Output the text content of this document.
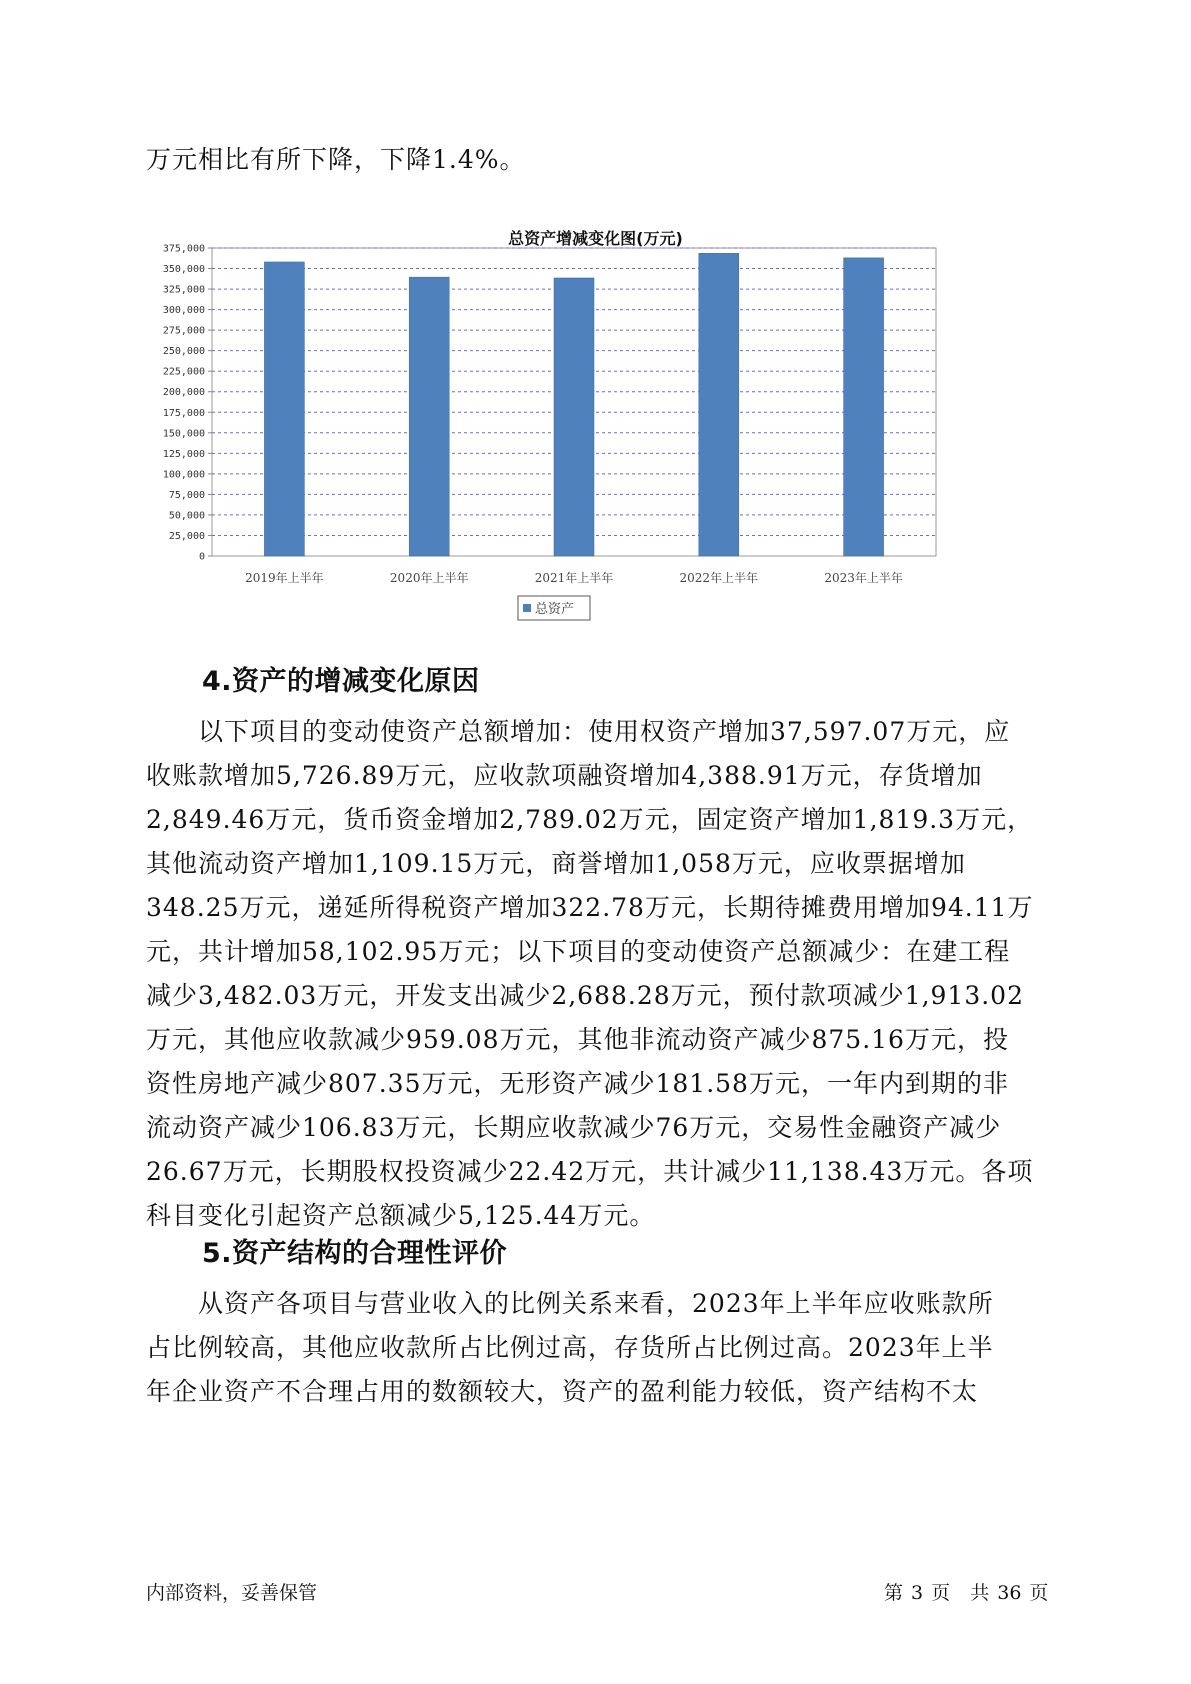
万元相比有所下降，下降1.4%。
0
25,000
50,000
75,000
100,000
125,000
150,000
175,000
200,000
225,000
250,000
275,000
300,000
325,000
350,000
375,000
2019年上半年	2020年上半年	2021年上半年	2022年上半年	2023年上半年
总资产
总资产增减变化图(万元)
4.资产的增减变化原因
　　以下项目的变动使资产总额增加：使用权资产增加37,597.07万元，应
收账款增加5,726.89万元，应收款项融资增加4,388.91万元，存货增加
2,849.46万元，货币资金增加2,789.02万元，固定资产增加1,819.3万元，
其他流动资产增加1,109.15万元，商誉增加1,058万元，应收票据增加
348.25万元，递延所得税资产增加322.78万元，长期待摊费用增加94.11万
元，共计增加58,102.95万元；以下项目的变动使资产总额减少：在建工程
减少3,482.03万元，开发支出减少2,688.28万元，预付款项减少1,913.02
万元，其他应收款减少959.08万元，其他非流动资产减少875.16万元，投
资性房地产减少807.35万元，无形资产减少181.58万元，一年内到期的非
流动资产减少106.83万元，长期应收款减少76万元，交易性金融资产减少
26.67万元，长期股权投资减少22.42万元，共计减少11,138.43万元。各项
科目变化引起资产总额减少5,125.44万元。
5.资产结构的合理性评价
　　从资产各项目与营业收入的比例关系来看，2023年上半年应收账款所
占比例较高，其他应收款所占比例过高，存货所占比例过高。2023年上半
年企业资产不合理占用的数额较大，资产的盈利能力较低，资产结构不太
内部资料，妥善保管	第 3 页 共 36 页
